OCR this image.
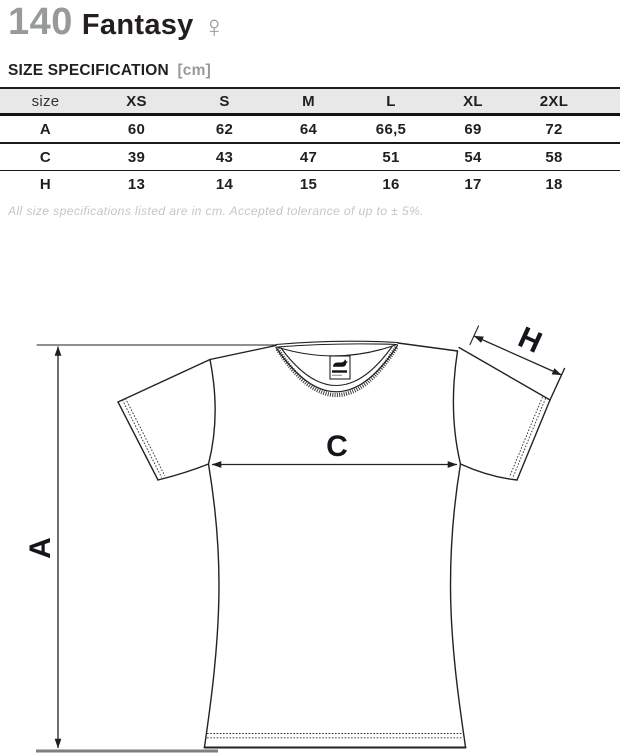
140 Fantasy ♀
SIZE SPECIFICATION [cm]
size	XS	S	M	L	XL	2XL
A	60	62	64	66,5	69	72
C	39	43	47	51	54	58
H	13	14	15	16	17	18
All size specifications listed are in cm. Accepted tolerance of up to ± 5%.
A
C
H
